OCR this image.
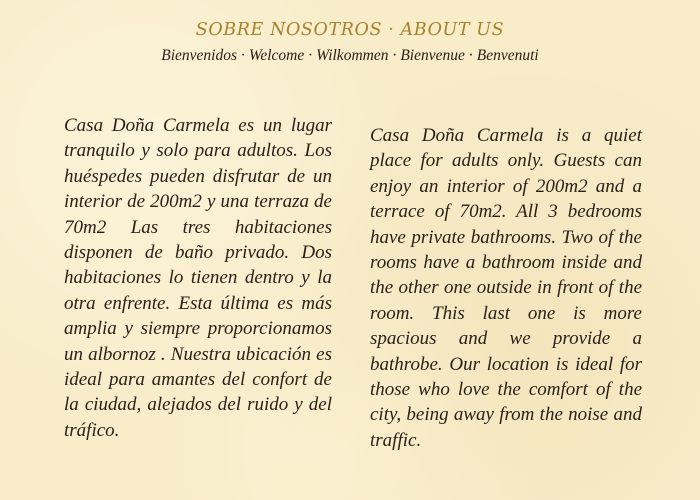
SOBRE NOSOTROS · ABOUT US
Bienvenidos · Welcome · Wilkommen · Bienvenue · Benvenuti

Casa Doña Carmela es un lugar tranquilo y solo para adultos. Los huéspedes pueden disfrutar de un interior de 200m2 y una terraza de 70m2 Las tres habitaciones disponen de baño privado. Dos habitaciones lo tienen dentro y la otra enfrente. Esta última es más amplia y siempre proporcionamos un albornoz . Nuestra ubicación es ideal para amantes del confort de la ciudad, alejados del ruido y del tráfico.

Casa Doña Carmela is a quiet place for adults only. Guests can enjoy an interior of 200m2 and a terrace of 70m2. All 3 bedrooms have private bathrooms. Two of the rooms have a bathroom inside and the other one outside in front of the room. This last one is more spacious and we provide a bathrobe. Our location is ideal for those who love the comfort of the city, being away from the noise and traffic.
